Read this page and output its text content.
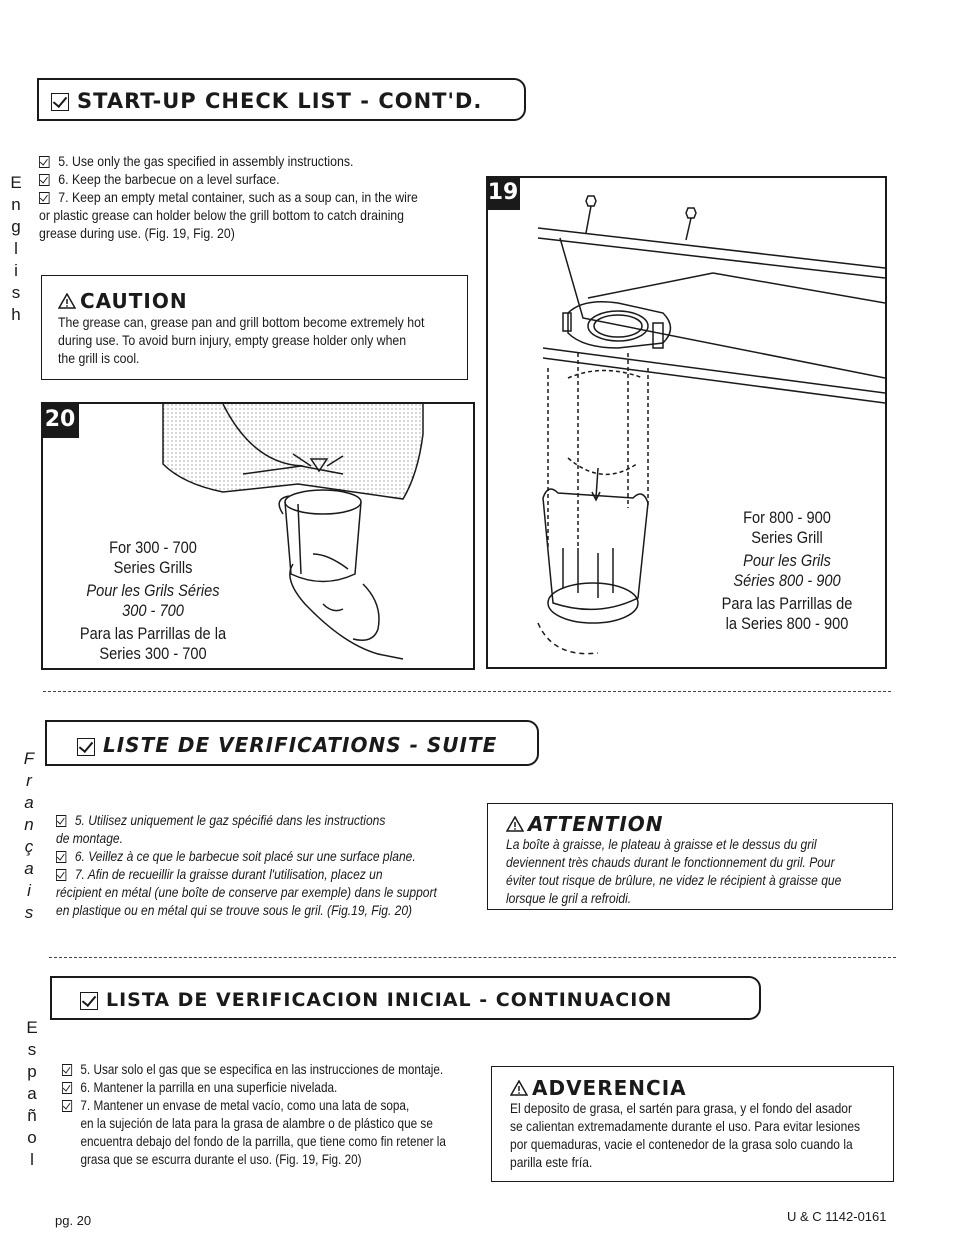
START-UP CHECK LIST - CONT'D.
E
n
g
l
i
s
h
5. Use only the gas specified in assembly instructions.
6. Keep the barbecue on a level surface.
7. Keep an empty metal container, such as a soup can, in the wire
or plastic grease can holder below the grill bottom to catch draining
grease during use. (Fig. 19, Fig. 20)
CAUTION
The grease can, grease pan and grill bottom become extremely hot
during use. To avoid burn injury, empty grease holder only when
the grill is cool.
19
For 800 - 900
Series Grill
Pour les Grils
Séries 800 - 900
Para las Parrillas de
la Series 800 - 900
20
For 300 - 700
Series Grills
Pour les Grils Séries
300 - 700
Para las Parrillas de la
Series 300 - 700
LISTE DE VERIFICATIONS - SUITE
F
r
a
n
ç
a
i
s
5. Utilisez uniquement le gaz spécifié dans les instructions
de montage.
6. Veillez à ce que le barbecue soit placé sur une surface plane.
7. Afin de recueillir la graisse durant l'utilisation, placez un
récipient en métal (une boîte de conserve par exemple) dans le support
en plastique ou en métal qui se trouve sous le gril. (Fig.19, Fig. 20)
ATTENTION
La boîte à graisse, le plateau à graisse et le dessus du gril
deviennent très chauds durant le fonctionnement du gril. Pour
éviter tout risque de brûlure, ne videz le récipient à graisse que
lorsque le gril a refroidi.
LISTA DE VERIFICACION INICIAL - CONTINUACION
E
s
p
a
ñ
o
l
5. Usar solo el gas que se especifica en las instrucciones de montaje.
6. Mantener la parrilla en una superficie nivelada.
7. Mantener un envase de metal vacío, como una lata de sopa,
en la sujeción de lata para la grasa de alambre o de plástico que se
encuentra debajo del fondo de la parrilla, que tiene como fin retener la
grasa que se escurra durante el uso. (Fig. 19, Fig. 20)
ADVERENCIA
El deposito de grasa, el sartén para grasa, y el fondo del asador
se calientan extremadamente durante el uso. Para evitar lesiones
por quemaduras, vacie el contenedor de la grasa solo cuando la
parilla este fría.
pg. 20	U & C 1142-0161
